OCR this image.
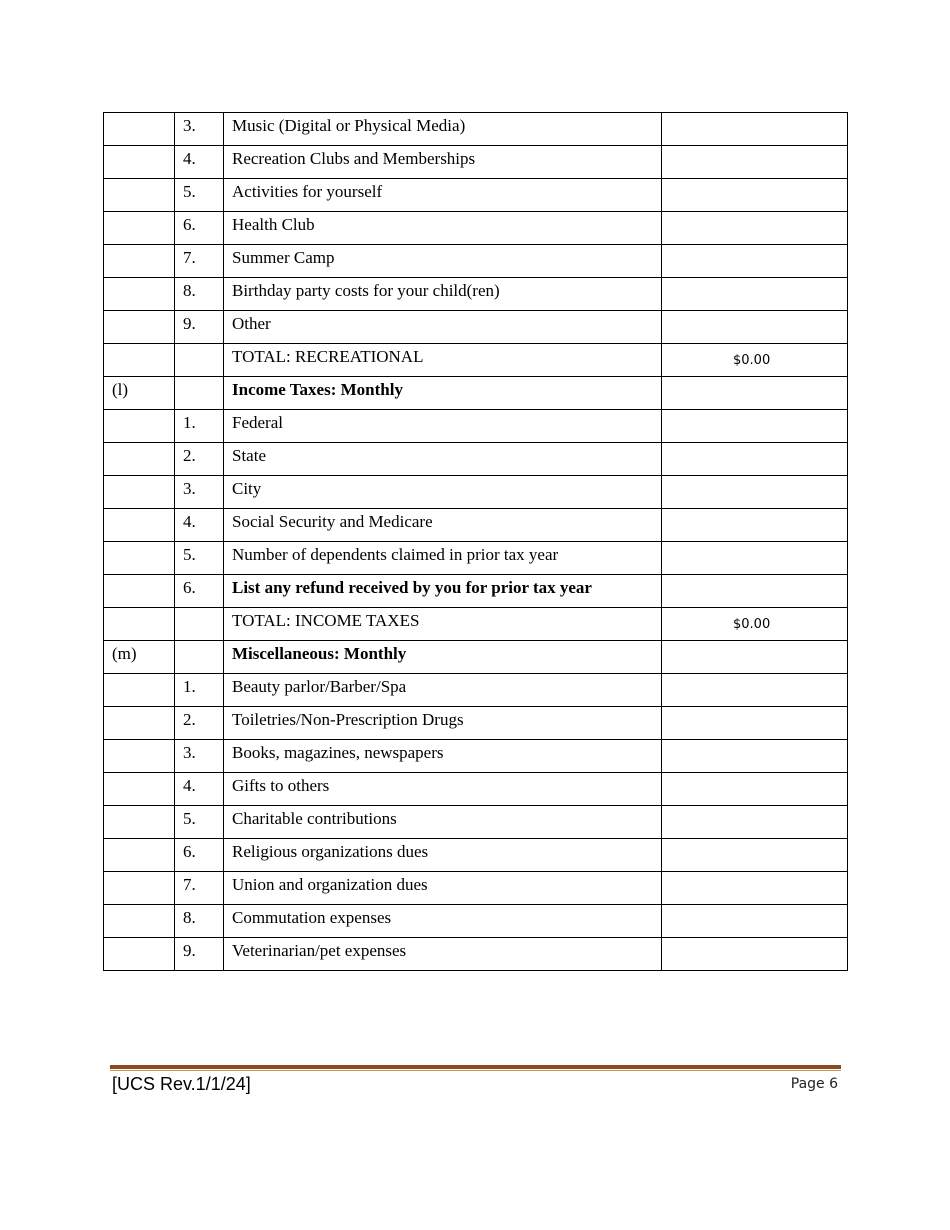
	3.	Music (Digital or Physical Media)	

	4.	Recreation Clubs and Memberships	

	5.	Activities for yourself	

	6.	Health Club	

	7.	Summer Camp	

	8.	Birthday party costs for your child(ren)	

	9.	Other	

		TOTAL: RECREATIONAL	$0.00

(l)		Income Taxes: Monthly	

	1.	Federal	

	2.	State	

	3.	City	

	4.	Social Security and Medicare	

	5.	Number of dependents claimed in prior tax year	

	6.	List any refund received by you for prior tax year	

		TOTAL: INCOME TAXES	$0.00

(m)		Miscellaneous: Monthly	

	1.	Beauty parlor/Barber/Spa	

	2.	Toiletries/Non-Prescription Drugs	

	3.	Books, magazines, newspapers	

	4.	Gifts to others	

	5.	Charitable contributions	

	6.	Religious organizations dues	

	7.	Union and organization dues	

	8.	Commutation expenses	

	9.	Veterinarian/pet expenses	
[UCS Rev.1/1/24]	Page 6
